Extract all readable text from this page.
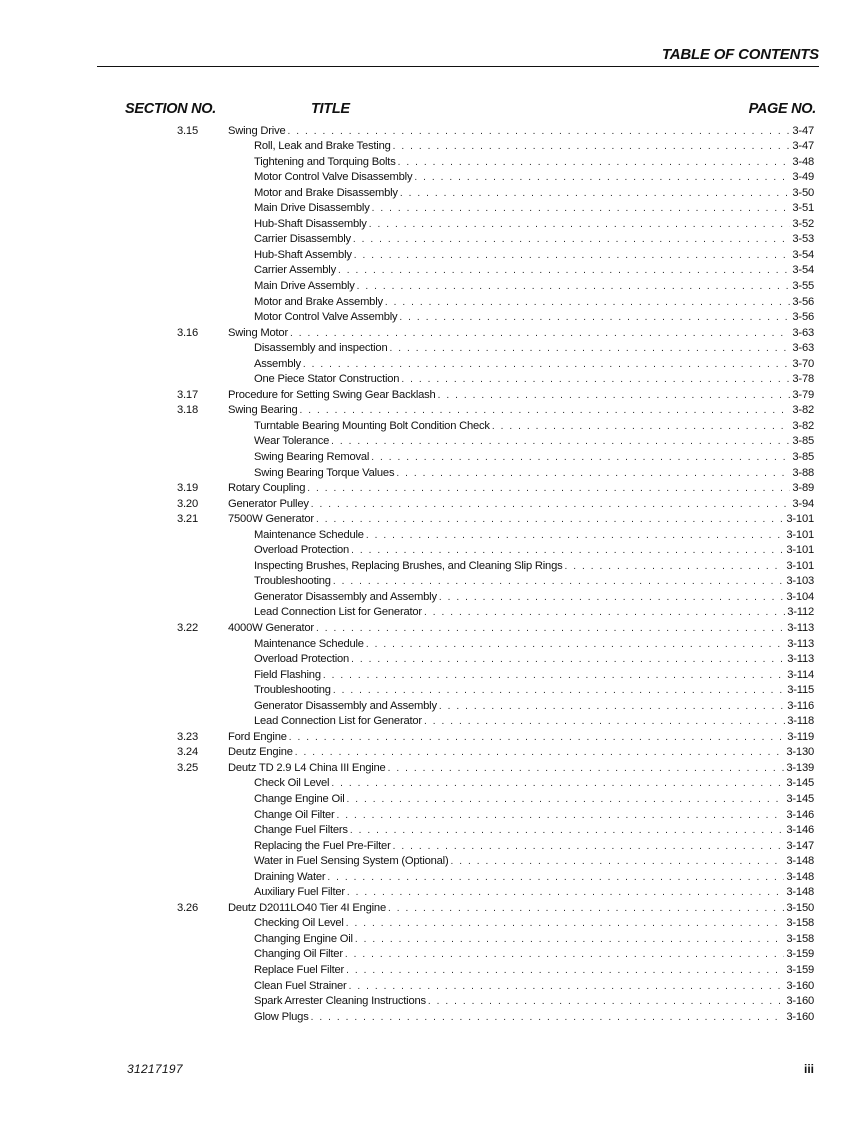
TABLE OF CONTENTS
SECTION NO.	TITLE	PAGE NO.
3.15	Swing Drive . . .	3-47
Roll, Leak and Brake Testing . . .	3-47
Tightening and Torquing Bolts . . .	3-48
Motor Control Valve Disassembly . . .	3-49
Motor and Brake Disassembly . . .	3-50
Main Drive Disassembly . . .	3-51
Hub-Shaft Disassembly . . .	3-52
Carrier Disassembly . . .	3-53
Hub-Shaft Assembly . . .	3-54
Carrier Assembly . . .	3-54
Main Drive Assembly . . .	3-55
Motor and Brake Assembly . . .	3-56
Motor Control Valve Assembly . . .	3-56
3.16	Swing Motor . . .	3-63
Disassembly and inspection . . .	3-63
Assembly . . .	3-70
One Piece Stator Construction . . .	3-78
3.17	Procedure for Setting Swing Gear Backlash . . .	3-79
3.18	Swing Bearing . . .	3-82
Turntable Bearing Mounting Bolt Condition Check . . .	3-82
Wear Tolerance . . .	3-85
Swing Bearing Removal . . .	3-85
Swing Bearing Torque Values . . .	3-88
3.19	Rotary Coupling . . .	3-89
3.20	Generator Pulley . . .	3-94
3.21	7500W Generator . . .	3-101
Maintenance Schedule . . .	3-101
Overload Protection . . .	3-101
Inspecting Brushes, Replacing Brushes, and Cleaning Slip Rings . . .	3-101
Troubleshooting . . .	3-103
Generator Disassembly and Assembly . . .	3-104
Lead Connection List for Generator . . .	3-112
3.22	4000W Generator . . .	3-113
Maintenance Schedule . . .	3-113
Overload Protection . . .	3-113
Field Flashing . . .	3-114
Troubleshooting . . .	3-115
Generator Disassembly and Assembly . . .	3-116
Lead Connection List for Generator . . .	3-118
3.23	Ford Engine . . .	3-119
3.24	Deutz Engine . . .	3-130
3.25	Deutz TD 2.9 L4 China III Engine . . .	3-139
Check Oil Level . . .	3-145
Change Engine Oil . . .	3-145
Change Oil Filter . . .	3-146
Change Fuel Filters . . .	3-146
Replacing the Fuel Pre-Filter . . .	3-147
Water in Fuel Sensing System (Optional) . . .	3-148
Draining Water . . .	3-148
Auxiliary Fuel Filter . . .	3-148
3.26	Deutz D2011LO40 Tier 4I Engine . . .	3-150
Checking Oil Level . . .	3-158
Changing Engine Oil . . .	3-158
Changing Oil Filter . . .	3-159
Replace Fuel Filter . . .	3-159
Clean Fuel Strainer . . .	3-160
Spark Arrester Cleaning Instructions . . .	3-160
Glow Plugs . . .	3-160
31217197	iii
